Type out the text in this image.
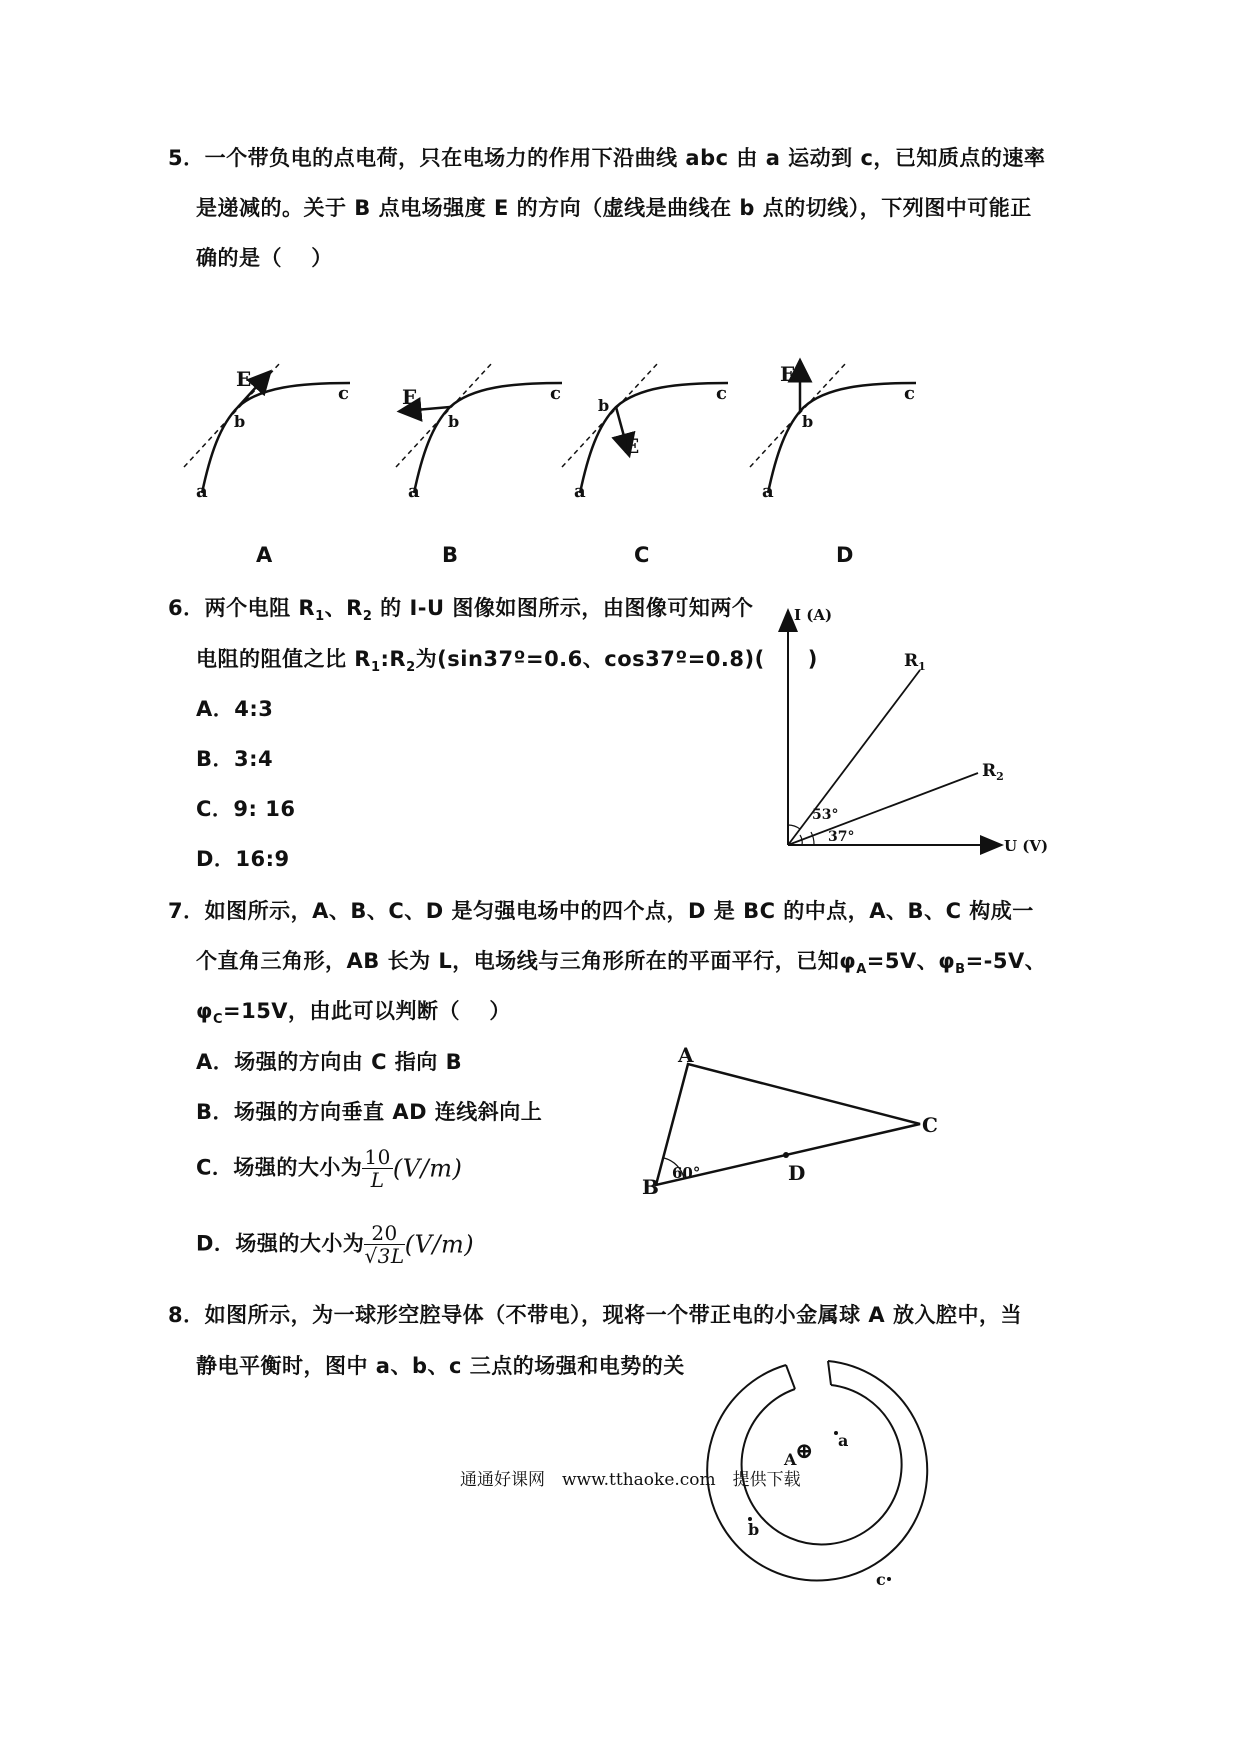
5．一个带负电的点电荷，只在电场力的作用下沿曲线 abc 由 a 运动到 c，已知质点的速率
是递减的。关于 B 点电场强度 E 的方向（虚线是曲线在 b 点的切线），下列图中可能正
确的是（　 ）
E
b
c
a
E
b
c
a
E
b
c
a
E
b
c
a
A	B	C	D
6．两个电阻 $R_1$、$R_2$ 的 I-U 图像如图所示，由图像可知两个
电阻的阻值之比 $R_1:R_2$为(sin37º=0.6、cos37º=0.8)(　　)
A．4:3
B．3:4
C．9: 16
D．16:9
I (A)
U (V)
$R_1$
$R_2$
53°
37°
7．如图所示，A、B、C、D 是匀强电场中的四个点，D 是 BC 的中点，A、B、C 构成一
个直角三角形，AB 长为 L，电场线与三角形所在的平面平行，已知$\varphi_A=5V$、$\varphi_B=-5V$、
$\varphi_C=15V$，由此可以判断（　 ）
A．场强的方向由 C 指向 B
B．场强的方向垂直 AD 连线斜向上
C．场强的大小为 $\frac{10}{L} (V/m)$
D．场强的大小为 $\frac{20}{√3L} (V/m)$
A
B
C
D
60°
8．如图所示，为一球形空腔导体（不带电），现将一个带正电的小金属球 A 放入腔中，当
静电平衡时，图中 a、b、c 三点的场强和电势的关
⊕
A
a
b
c
通通好课网　www.tthaoke.com　提供下载
